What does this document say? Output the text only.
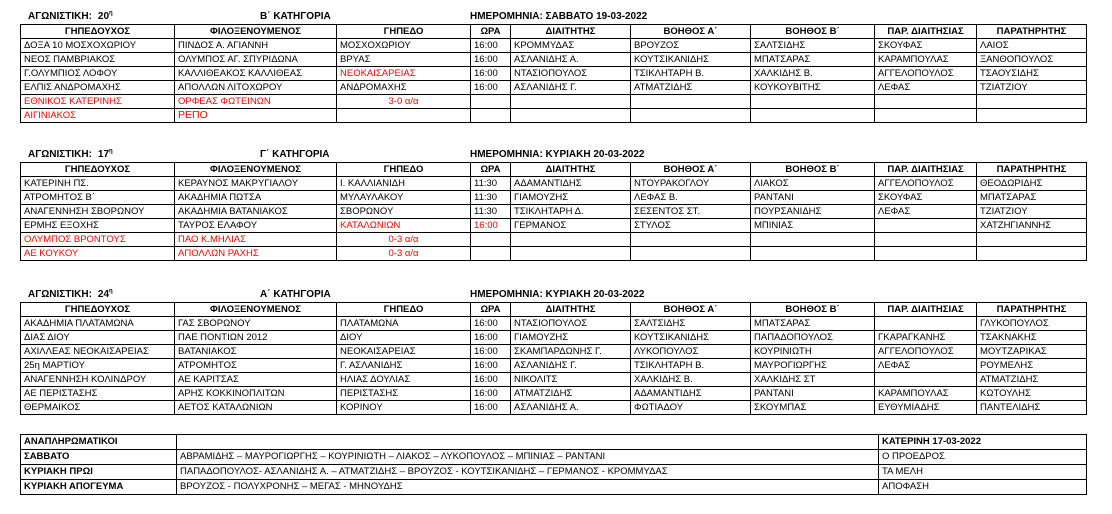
ΑΓΩΝΙΣΤΙΚΗ: $20^\eta$	Β΄ ΚΑΤΗΓΟΡΙΑ	ΗΜΕΡΟΜΗΝΙΑ: ΣΑΒΒΑΤΟ 19-03-2022
ΓΗΠΕΔΟΥΧΟΣ	ΦΙΛΟΞΕΝΟΥΜΕΝΟΣ	ΓΗΠΕΔΟ	ΩΡΑ	ΔΙΑΙΤΗΤΗΣ	ΒΟΗΘΟΣ Α΄	ΒΟΗΘΟΣ Β΄	ΠΑΡ. ΔΙΑΙΤΗΣΙΑΣ	ΠΑΡΑΤΗΡΗΤΗΣ
ΔΟΞΑ 10 ΜΟΣΧΟΧΩΡΙΟΥ	ΠΙΝΔΟΣ Α. ΑΓΙΑΝΝΗ	ΜΟΣΧΟΧΩΡΙΟΥ	16:00	ΚΡΟΜΜΥΔΑΣ	ΒΡΟΥΖΟΣ	ΣΑΛΤΣΙΔΗΣ	ΣΚΟΥΦΑΣ	ΛΑΙΟΣ
ΝΕΟΣ ΠΑΜΒΡΙΑΚΟΣ	ΟΛΥΜΠΟΣ ΑΓ. ΣΠΥΡΙΔΩΝΑ	ΒΡΥΑΣ	16:00	ΑΣΛΑΝΙΔΗΣ Α.	ΚΟΥΤΣΙΚΑΝΙΔΗΣ	ΜΠΑΤΣΑΡΑΣ	ΚΑΡΑΜΠΟΥΛΑΣ	ΞΑΝΘΟΠΟΥΛΟΣ
Γ.ΟΛΥΜΠΙΟΣ ΛΟΦΟΥ	ΚΑΛΛΙΘΕΑΚΟΣ ΚΑΛΛΙΘΕΑΣ	ΝΕΟΚΑΙΣΑΡΕΙΑΣ	16:00	ΝΤΑΣΙΟΠΟΥΛΟΣ	ΤΣΙΚΛΗΤΑΡΗ Β.	ΧΑΛΚΙΔΗΣ Β.	ΑΓΓΕΛΟΠΟΥΛΟΣ	ΤΣΑΟΥΣΙΔΗΣ
ΕΛΠΙΣ ΑΝΔΡΟΜΑΧΗΣ	ΑΠΟΛΛΩΝ ΛΙΤΟΧΩΡΟΥ	ΑΝΔΡΟΜΑΧΗΣ	16:00	ΑΣΛΑΝΙΔΗΣ Γ.	ΑΤΜΑΤΖΙΔΗΣ	ΚΟΥΚΟΥΒΙΤΗΣ	ΛΕΦΑΣ	ΤΖΙΑΤΖΙΟΥ
ΕΘΝΙΚΟΣ ΚΑΤΕΡΙΝΗΣ	ΟΡΦΕΑΣ ΦΩΤΕΙΝΩΝ	3-0 α/α						
ΑΙΓΙΝΙΑΚΟΣ	ΡΕΠΟ							
ΑΓΩΝΙΣΤΙΚΗ: $17^\eta$	Γ΄ ΚΑΤΗΓΟΡΙΑ	ΗΜΕΡΟΜΗΝΙΑ: ΚΥΡΙΑΚΗ 20-03-2022
ΓΗΠΕΔΟΥΧΟΣ	ΦΙΛΟΞΕΝΟΥΜΕΝΟΣ	ΓΗΠΕΔΟ	ΩΡΑ	ΔΙΑΙΤΗΤΗΣ	ΒΟΗΘΟΣ Α΄	ΒΟΗΘΟΣ Β΄	ΠΑΡ. ΔΙΑΙΤΗΣΙΑΣ	ΠΑΡΑΤΗΡΗΤΗΣ
ΚΑΤΕΡΙΝΗ ΠΣ.	ΚΕΡΑΥΝΟΣ ΜΑΚΡΥΓΙΑΛΟΥ	Ι. ΚΑΛΛΙΑΝΙΔΗ	11:30	ΑΔΑΜΑΝΤΙΔΗΣ	ΝΤΟΥΡΑΚΟΓΛΟΥ	ΛΙΑΚΟΣ	ΑΓΓΕΛΟΠΟΥΛΟΣ	ΘΕΟΔΩΡΙΔΗΣ
ΑΤΡΟΜΗΤΟΣ Β΄	ΑΚΑΔΗΜΙΑ ΠΩΤΣΑ	ΜΥΛΑΥΛΑΚΟΥ	11:30	ΓΙΑΜΟΥΖΗΣ	ΛΕΦΑΣ Β.	ΡΑΝΤΑΝΙ	ΣΚΟΥΦΑΣ	ΜΠΑΤΣΑΡΑΣ
ΑΝΑΓΕΝΝΗΣΗ ΣΒΟΡΩΝΟΥ	ΑΚΑΔΗΜΙΑ ΒΑΤΑΝΙΑΚΟΣ	ΣΒΟΡΩΝΟΥ	11:30	ΤΣΙΚΛΗΤΑΡΗ Δ.	ΣΕΣΕΝΤΟΣ ΣΤ.	ΠΟΥΡΣΑΝΙΔΗΣ	ΛΕΦΑΣ	ΤΖΙΑΤΖΙΟΥ
ΕΡΜΗΣ ΕΞΟΧΗΣ	ΤΑΥΡΟΣ ΕΛΑΦΟΥ	ΚΑΤΑΛΩΝΙΩΝ	16:00	ΓΕΡΜΑΝΟΣ	ΣΤΥΛΟΣ	ΜΠΙΝΙΑΣ		ΧΑΤΖΗΓΙΑΝΝΗΣ
ΟΛΥΜΠΟΣ ΒΡΟΝΤΟΥΣ	ΠΑΟ Κ.ΜΗΛΙΑΣ	0-3 α/α						
ΑΕ ΚΟΥΚΟΥ	ΑΠΟΛΛΩΝ ΡΑΧΗΣ	0-3 α/α						
ΑΓΩΝΙΣΤΙΚΗ: $24^\eta$	Α΄ ΚΑΤΗΓΟΡΙΑ	ΗΜΕΡΟΜΗΝΙΑ: ΚΥΡΙΑΚΗ 20-03-2022
ΓΗΠΕΔΟΥΧΟΣ	ΦΙΛΟΞΕΝΟΥΜΕΝΟΣ	ΓΗΠΕΔΟ	ΩΡΑ	ΔΙΑΙΤΗΤΗΣ	ΒΟΗΘΟΣ Α΄	ΒΟΗΘΟΣ Β΄	ΠΑΡ. ΔΙΑΙΤΗΣΙΑΣ	ΠΑΡΑΤΗΡΗΤΗΣ
ΑΚΑΔΗΜΙΑ ΠΛΑΤΑΜΩΝΑ	ΓΑΣ ΣΒΟΡΩΝΟΥ	ΠΛΑΤΑΜΩΝΑ	16:00	ΝΤΑΣΙΟΠΟΥΛΟΣ	ΣΑΛΤΣΙΔΗΣ	ΜΠΑΤΣΑΡΑΣ		ΓΛΥΚΟΠΟΥΛΟΣ
ΔΙΑΣ ΔΙΟΥ	ΠΑΕ ΠΟΝΤΙΩΝ 2012	ΔΙΟΥ	16:00	ΓΙΑΜΟΥΖΗΣ	ΚΟΥΤΣΙΚΑΝΙΔΗΣ	ΠΑΠΑΔΟΠΟΥΛΟΣ	ΓΚΑΡΑΓΚΑΝΗΣ	ΤΣΑΚΝΑΚΗΣ
ΑΧΙΛΛΕΑΣ ΝΕΟΚΑΙΣΑΡΕΙΑΣ	ΒΑΤΑΝΙΑΚΟΣ	ΝΕΟΚΑΙΣΑΡΕΙΑΣ	16:00	ΣΚΑΜΠΑΡΔΩΝΗΣ Γ.	ΛΥΚΟΠΟΥΛΟΣ	ΚΟΥΡΙΝΙΩΤΗ	ΑΓΓΕΛΟΠΟΥΛΟΣ	ΜΟΥΤΖΑΡΙΚΑΣ
25η ΜΑΡΤΙΟΥ	ΑΤΡΟΜΗΤΟΣ	Γ. ΑΣΛΑΝΙΔΗΣ	16:00	ΑΣΛΑΝΙΔΗΣ Γ.	ΤΣΙΚΛΗΤΑΡΗ Β.	ΜΑΥΡΟΓΙΩΡΓΗΣ	ΛΕΦΑΣ	ΡΟΥΜΕΛΗΣ
ΑΝΑΓΕΝΝΗΣΗ ΚΟΛΙΝΔΡΟΥ	ΑΕ ΚΑΡΙΤΣΑΣ	ΗΛΙΑΣ ΔΟΥΛΙΑΣ	16:00	ΝΙΚΟΛΙΤΣ	ΧΑΛΚΙΔΗΣ Β.	ΧΑΛΚΙΔΗΣ ΣΤ		ΑΤΜΑΤΖΙΔΗΣ
ΑΕ ΠΕΡΙΣΤΑΣΗΣ	ΑΡΗΣ ΚΟΚΚΙΝΟΠΛΙΤΩΝ	ΠΕΡΙΣΤΑΣΗΣ	16:00	ΑΤΜΑΤΖΙΔΗΣ	ΑΔΑΜΑΝΤΙΔΗΣ	ΡΑΝΤΑΝΙ	ΚΑΡΑΜΠΟΥΛΑΣ	ΚΩΤΟΥΛΗΣ
ΘΕΡΜΑΙΚΟΣ	ΑΕΤΟΣ ΚΑΤΑΛΩΝΙΩΝ	ΚΟΡΙΝΟΥ	16:00	ΑΣΛΑΝΙΔΗΣ Α.	ΦΩΤΙΑΔΟΥ	ΣΚΟΥΜΠΑΣ	ΕΥΘΥΜΙΑΔΗΣ	ΠΑΝΤΕΛΙΔΗΣ
ΑΝΑΠΛΗΡΩΜΑΤΙΚΟΙ		ΚΑΤΕΡΙΝΗ 17-03-2022
ΣΑΒΒΑΤΟ	ΑΒΡΑΜΙΔΗΣ – ΜΑΥΡΟΓΙΩΡΓΗΣ – ΚΟΥΡΙΝΙΩΤΗ – ΛΙΑΚΟΣ – ΛΥΚΟΠΟΥΛΟΣ – ΜΠΙΝΙΑΣ – ΡΑΝΤΑΝΙ	Ο ΠΡΟΕΔΡΟΣ
ΚΥΡΙΑΚΗ ΠΡΩΙ	ΠΑΠΑΔΟΠΟΥΛΟΣ- ΑΣΛΑΝΙΔΗΣ Α. – ΑΤΜΑΤΖΙΔΗΣ – ΒΡΟΥΖΟΣ - ΚΟΥΤΣΙΚΑΝΙΔΗΣ – ΓΕΡΜΑΝΟΣ - ΚΡΟΜΜΥΔΑΣ	ΤΑ ΜΕΛΗ
ΚΥΡΙΑΚΗ ΑΠΟΓΕΥΜΑ	ΒΡΟΥΖΟΣ - ΠΟΛΥΧΡΟΝΗΣ – ΜΕΓΑΣ - ΜΗΝΟΥΔΗΣ	ΑΠΟΦΑΣΗ
